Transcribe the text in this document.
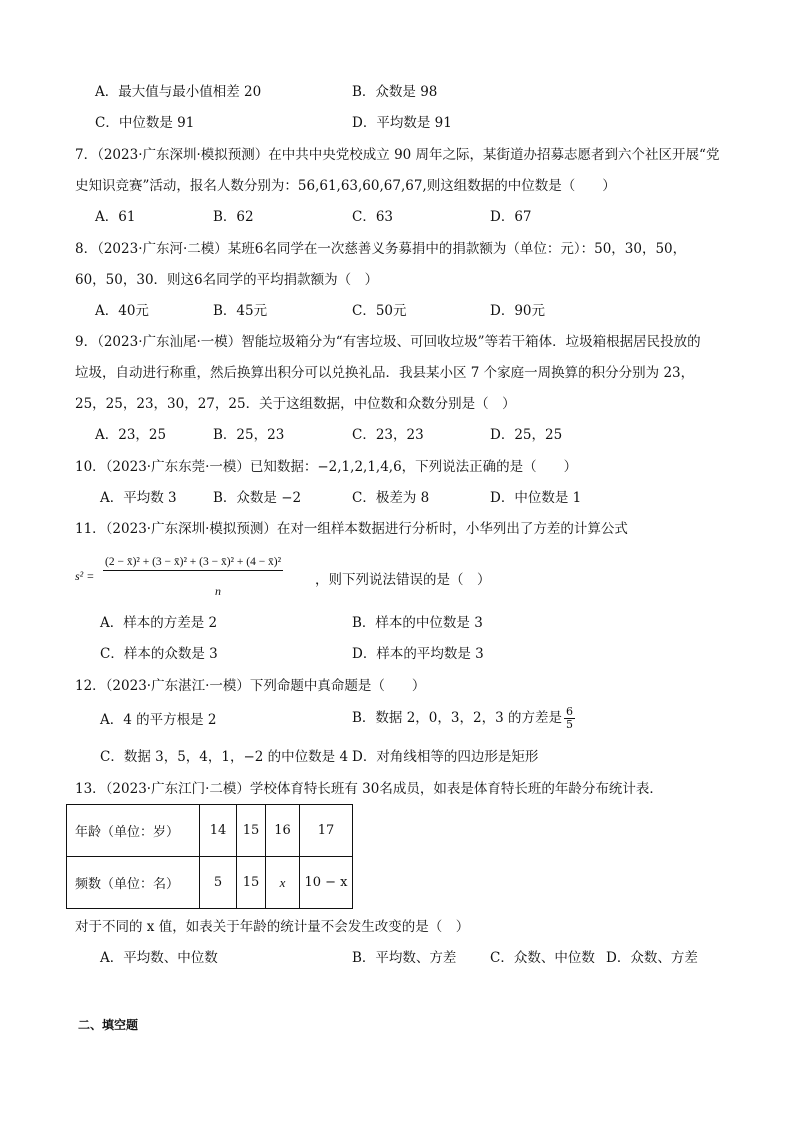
A．最大值与最小值相差 20	B．众数是 98
C．中位数是 91	D．平均数是 91
7．（2023·广东深圳·模拟预测）在中共中央党校成立 90 周年之际，某街道办招募志愿者到六个社区开展“党
史知识竞赛”活动，报名人数分别为：56,61,63,60,67,67,则这组数据的中位数是（　　）
A．61	B．62	C．63	D．67
8．（2023·广东河·二模）某班6名同学在一次慈善义务募捐中的捐款额为（单位：元）：50，30，50，
60，50，30．则这6名同学的平均捐款额为（　）
A．40元	B．45元	C．50元	D．90元
9．（2023·广东汕尾·一模）智能垃圾箱分为“有害垃圾、可回收垃圾”等若干箱体．垃圾箱根据居民投放的
垃圾，自动进行称重，然后换算出积分可以兑换礼品．我县某小区 7 个家庭一周换算的积分分别为 23，
25，25，23，30，27，25．关于这组数据，中位数和众数分别是（　）
A．23，25	B．25，23	C．23，23	D．25，25
10．（2023·广东东莞·一模）已知数据：−2,1,2,1,4,6，下列说法正确的是（　　）
A．平均数 3	B．众数是 −2	C．极差为 8	D．中位数是 1
11．（2023·广东深圳·模拟预测）在对一组样本数据进行分析时，小华列出了方差的计算公式
s² =
(2 − x̄)² + (3 − x̄)² + (3 − x̄)² + (4 − x̄)²
n
，则下列说法错误的是（　）
A．样本的方差是 2	B．样本的中位数是 3
C．样本的众数是 3	D．样本的平均数是 3
12．（2023·广东湛江·一模）下列命题中真命题是（　　）
A．4 的平方根是 2	B．数据 2，0，3，2，3 的方差是 $\frac{6}{5}$
C．数据 3，5，4，1，−2 的中位数是 4 D．对角线相等的四边形是矩形
13．（2023·广东江门·二模）学校体育特长班有 30名成员，如表是体育特长班的年龄分布统计表．
年龄（单位：岁）	14	15	16	17
频数（单位：名）	5	15	x	10 − x
对于不同的 x 值，如表关于年龄的统计量不会发生改变的是（　）
A．平均数、中位数	B．平均数、方差 C．众数、中位数 D．众数、方差
二、填空题
